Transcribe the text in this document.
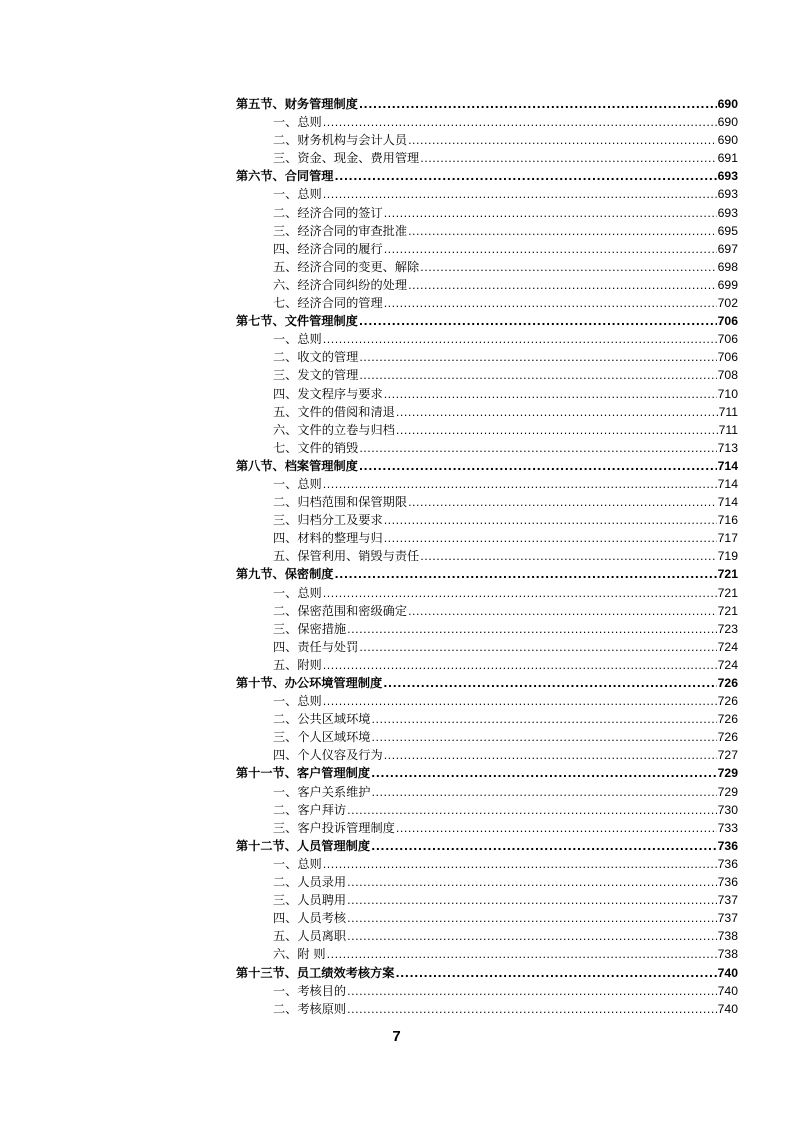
第五节、财务管理制度 .....	690
一、总则 .....	690
二、财务机构与会计人员 .....	690
三、资金、现金、费用管理 .....	691
第六节、合同管理 .....	693
一、总则 .....	693
二、经济合同的签订 .....	693
三、经济合同的审查批准 .....	695
四、经济合同的履行 .....	697
五、经济合同的变更、解除 .....	698
六、经济合同纠纷的处理 .....	699
七、经济合同的管理 .....	702
第七节、文件管理制度 .....	706
一、总则 .....	706
二、收文的管理 .....	706
三、发文的管理 .....	708
四、发文程序与要求 .....	710
五、文件的借阅和清退 .....	711
六、文件的立卷与归档 .....	711
七、文件的销毁 .....	713
第八节、档案管理制度 .....	714
一、总则 .....	714
二、归档范围和保管期限 .....	714
三、归档分工及要求 .....	716
四、材料的整理与归 .....	717
五、保管利用、销毁与责任 .....	719
第九节、保密制度 .....	721
一、总则 .....	721
二、保密范围和密级确定 .....	721
三、保密措施 .....	723
四、责任与处罚 .....	724
五、附则 .....	724
第十节、办公环境管理制度 .....	726
一、总则 .....	726
二、公共区域环境 .....	726
三、个人区域环境 .....	726
四、个人仪容及行为 .....	727
第十一节、客户管理制度 .....	729
一、客户关系维护 .....	729
二、客户拜访 .....	730
三、客户投诉管理制度 .....	733
第十二节、人员管理制度 .....	736
一、总则 .....	736
二、人员录用 .....	736
三、人员聘用 .....	737
四、人员考核 .....	737
五、人员离职 .....	738
六、附 则 .....	738
第十三节、员工绩效考核方案 .....	740
一、考核目的 .....	740
二、考核原则 .....	740
7
